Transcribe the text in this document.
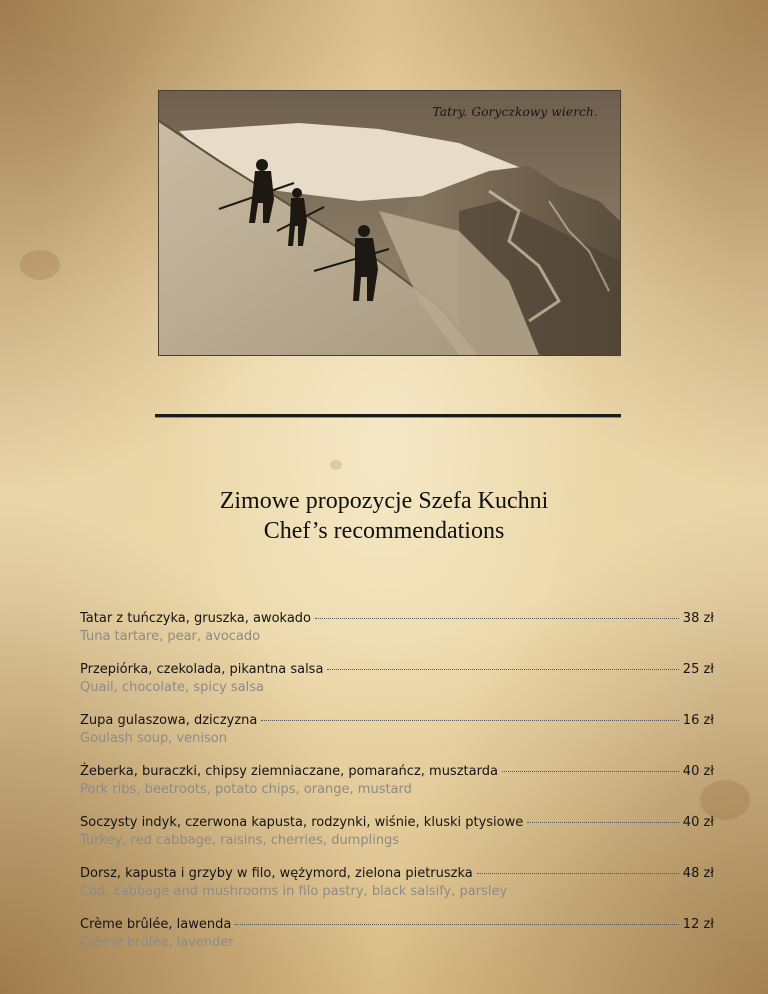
Tatry. Goryczkowy wierch.
Zimowe propozycje Szefa Kuchni
Chef’s recommendations
Tatar z tuńczyka, gruszka, awokado	38 zł
Tuna tartare, pear, avocado
Przepiórka, czekolada, pikantna salsa	25 zł
Quail, chocolate, spicy salsa
Zupa gulaszowa, dziczyzna	16 zł
Goulash soup, venison
Żeberka, buraczki, chipsy ziemniaczane, pomarańcz, musztarda	40 zł
Pork ribs, beetroots, potato chips, orange, mustard
Soczysty indyk, czerwona kapusta, rodzynki, wiśnie, kluski ptysiowe	40 zł
Turkey, red cabbage, raisins, cherries, dumplings
Dorsz, kapusta i grzyby w filo, wężymord, zielona pietruszka	48 zł
Cod, cabbage and mushrooms in filo pastry, black salsify, parsley
Crème brûlée, lawenda	12 zł
Crème brûlée, lavender
